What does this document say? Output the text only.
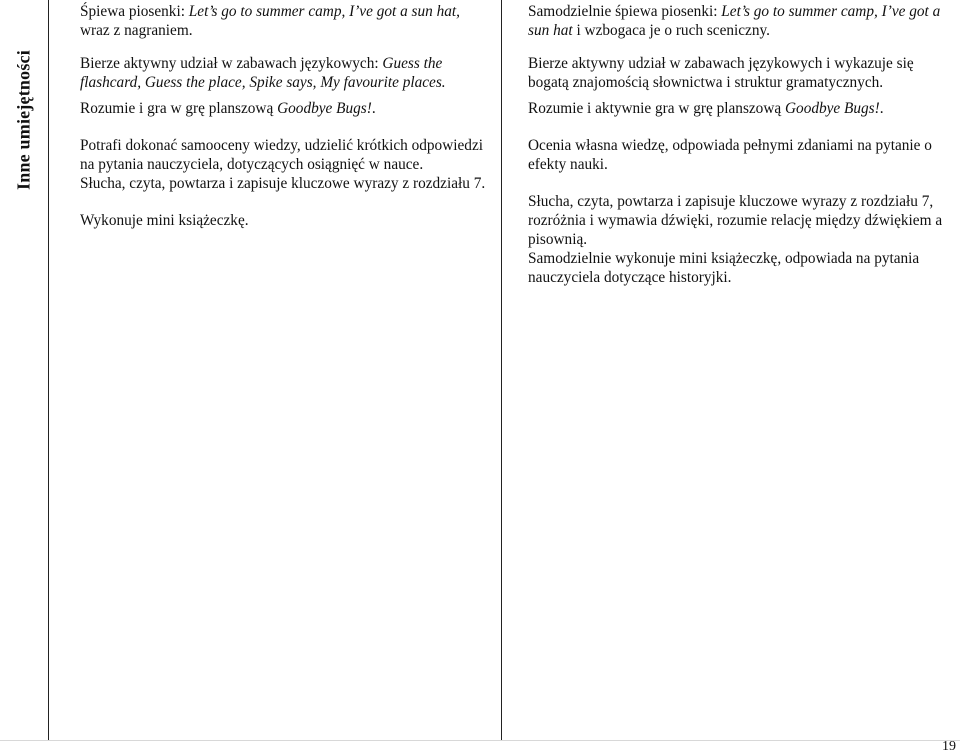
Inne umiejętności

Śpiewa piosenki: Let’s go to summer camp, I’ve got a sun hat, wraz z nagraniem.

Bierze aktywny udział w zabawach językowych: Guess the flashcard, Guess the place, Spike says, My favourite places.

Rozumie i gra w grę planszową Goodbye Bugs!.

Potrafi dokonać samooceny wiedzy, udzielić krótkich odpowiedzi na pytania nauczyciela, dotyczących osiągnięć w nauce.

Słucha, czyta, powtarza i zapisuje kluczowe wyrazy z rozdziału 7.

Wykonuje mini książeczkę.

Samodzielnie śpiewa piosenki: Let’s go to summer camp, I’ve got a sun hat i wzbogaca je o ruch sceniczny.

Bierze aktywny udział w zabawach językowych i wykazuje się bogatą znajomością słownictwa i struktur gramatycznych.

Rozumie i aktywnie gra w grę planszową Goodbye Bugs!.

Ocenia własna wiedzę, odpowiada pełnymi zdaniami na pytanie o efekty nauki.

Słucha, czyta, powtarza i zapisuje kluczowe wyrazy z rozdziału 7, rozróżnia i wymawia dźwięki, rozumie relację między dźwiękiem a pisownią.

Samodzielnie wykonuje mini książeczkę, odpowiada na pytania nauczyciela dotyczące historyjki.

19
